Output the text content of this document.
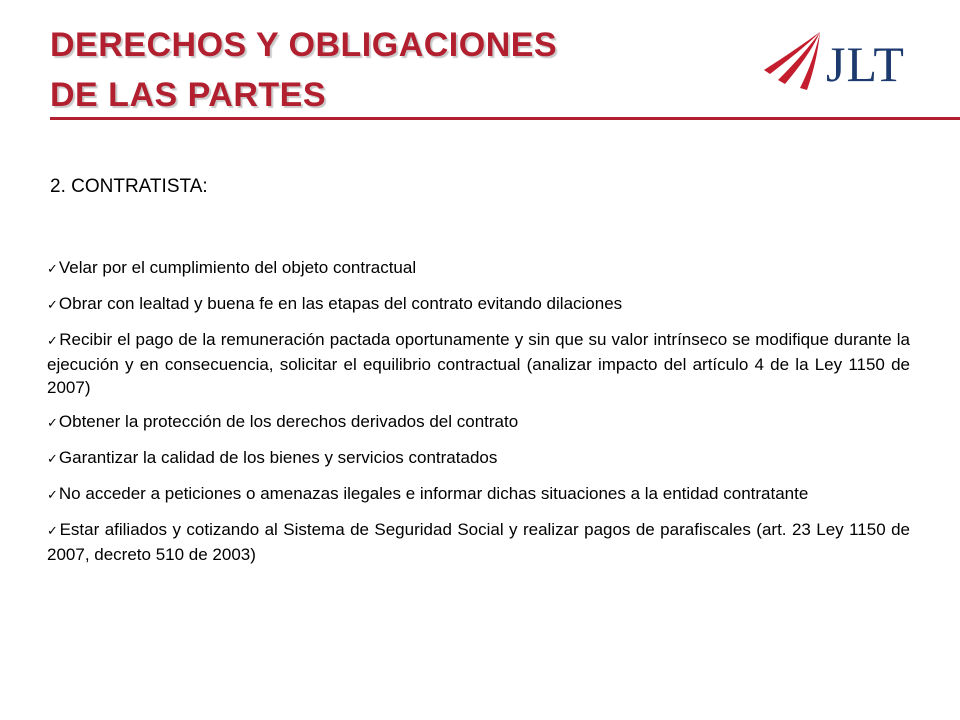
DERECHOS Y OBLIGACIONES
DE LAS PARTES
JLT
2. CONTRATISTA:
✓Velar por el cumplimiento del objeto contractual
✓Obrar con lealtad y buena fe en las etapas del contrato evitando dilaciones
✓Recibir el pago de la remuneración pactada oportunamente y sin que su valor intrínseco se modifique durante la ejecución y en consecuencia, solicitar el equilibrio contractual (analizar impacto del artículo 4 de la Ley 1150 de 2007)
✓Obtener la protección de los derechos derivados del contrato
✓Garantizar la calidad de los bienes y servicios contratados
✓No acceder a peticiones o amenazas ilegales e informar dichas situaciones a la entidad contratante
✓Estar afiliados y cotizando al Sistema de Seguridad Social y realizar pagos de parafiscales (art. 23 Ley 1150 de 2007, decreto 510 de 2003)
